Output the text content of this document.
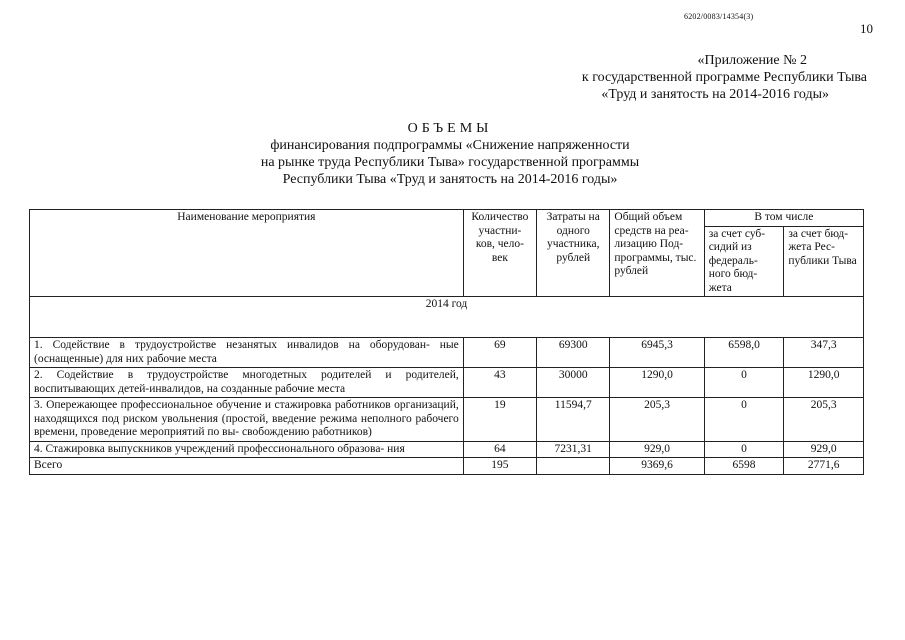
6202/0083/14354(3)
10
«Приложение № 2
к государственной программе Республики Тыва
«Труд и занятость на 2014-2016 годы»
ОБЪЕМЫ
финансирования подпрограммы «Снижение напряженности
на рынке труда Республики Тыва» государственной программы
Республики Тыва «Труд и занятость на 2014-2016 годы»
Наименование мероприятия	Количество участни- ков, чело- век	Затраты на одного участника, рублей	Общий объем средств на реа- лизацию Под- программы, тыс. рублей	В том числе	
				за счет суб- сидий из федераль- ного бюд- жета	за счет бюд- жета Рес- публики Тыва
2014 год					
1. Содействие в трудоустройстве незанятых инвалидов на оборудован- ные (оснащенные) для них рабочие места	69	69300	6945,3	6598,0	347,3
2. Содействие в трудоустройстве многодетных родителей и родителей, воспитывающих детей-инвалидов, на созданные рабочие места	43	30000	1290,0	0	1290,0
3. Опережающее профессиональное обучение и стажировка работников организаций, находящихся под риском увольнения (простой, введение режима неполного рабочего времени, проведение мероприятий по вы- свобождению работников)	19	11594,7	205,3	0	205,3
4. Стажировка выпускников учреждений профессионального образова- ния	64	7231,31	929,0	0	929,0
Всего	195		9369,6	6598	2771,6
